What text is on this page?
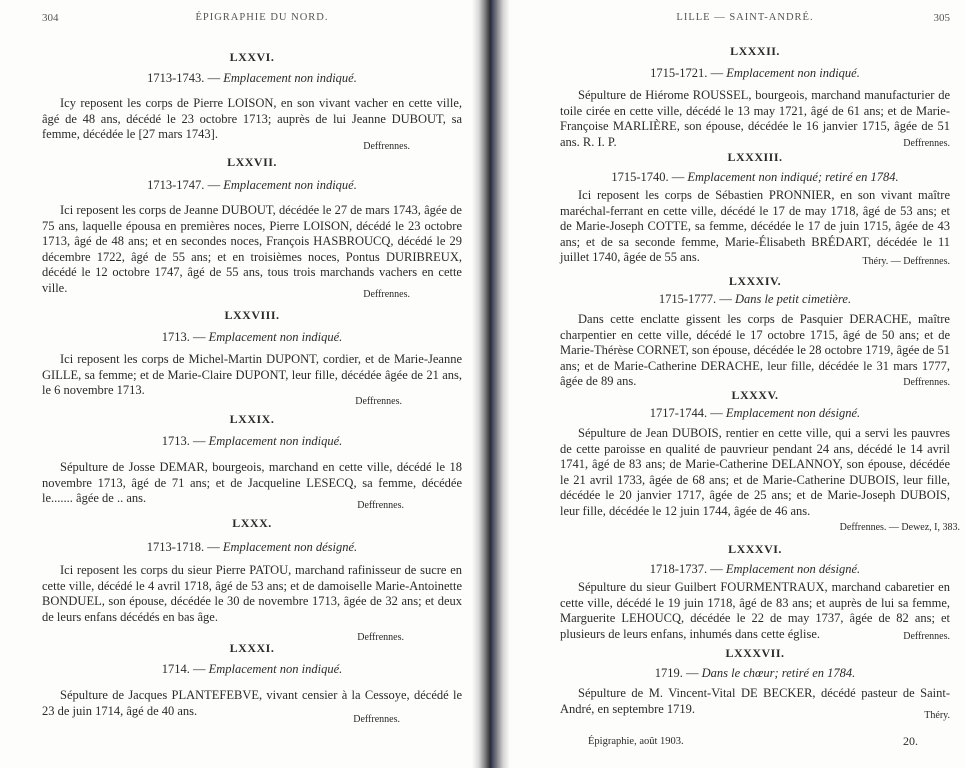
304	ÉPIGRAPHIE DU NORD.
LXXVI.
1713-1743. — Emplacement non indiqué.
Icy reposent les corps de Pierre LOISON, en son vivant vacher en cette ville, âgé de 48 ans, décédé le 23 octobre 1713; auprès de lui Jeanne DUBOUT, sa femme, décédée le [27 mars 1743].
Deffrennes.
LXXVII.
1713-1747. — Emplacement non indiqué.
Ici reposent les corps de Jeanne DUBOUT, décédée le 27 de mars 1743, âgée de 75 ans, laquelle épousa en premières noces, Pierre LOISON, décédé le 23 octobre 1713, âgé de 48 ans; et en secondes noces, François HASBROUCQ, décédé le 29 décembre 1722, âgé de 55 ans; et en troisièmes noces, Pontus DURIBREUX, décédé le 12 octobre 1747, âgé de 55 ans, tous trois marchands vachers en cette ville.	Deffrennes.
LXXVIII.
1713. — Emplacement non indiqué.
Ici reposent les corps de Michel-Martin DUPONT, cordier, et de Marie-Jeanne GILLE, sa femme; et de Marie-Claire DUPONT, leur fille, décédée âgée de 21 ans, le 6 novembre 1713.
Deffrennes.
LXXIX.
1713. — Emplacement non indiqué.
Sépulture de Josse DEMAR, bourgeois, marchand en cette ville, décédé le 18 novembre 1713, âgé de 71 ans; et de Jacqueline LESECQ, sa femme, décédée le....... âgée de .. ans.
Deffrennes.
LXXX.
1713-1718. — Emplacement non désigné.
Ici reposent les corps du sieur Pierre PATOU, marchand rafinisseur de sucre en cette ville, décédé le 4 avril 1718, âgé de 53 ans; et de damoiselle Marie-Antoinette BONDUEL, son épouse, décédée le 30 de novembre 1713, âgée de 32 ans; et deux de leurs enfans décédés en bas âge.
Deffrennes.
LXXXI.
1714. — Emplacement non indiqué.
Sépulture de Jacques PLANTEFEBVE, vivant censier à la Cessoye, décédé le 23 de juin 1714, âgé de 40 ans.
Deffrennes.
LILLE — SAINT-ANDRÉ.	305
LXXXII.
1715-1721. — Emplacement non indiqué.
Sépulture de Hiérome ROUSSEL, bourgeois, marchand manufacturier de toile cirée en cette ville, décédé le 13 may 1721, âgé de 61 ans; et de Marie-Françoise MARLIÈRE, son épouse, décédée le 16 janvier 1715, âgée de 51 ans. R. I. P.	Deffrennes.
LXXXIII.
1715-1740. — Emplacement non indiqué; retiré en 1784.
Ici reposent les corps de Sébastien PRONNIER, en son vivant maître maréchal-ferrant en cette ville, décédé le 17 de may 1718, âgé de 53 ans; et de Marie-Joseph COTTE, sa femme, décédée le 17 de juin 1715, âgée de 43 ans; et de sa seconde femme, Marie-Élisabeth BRÉDART, décédée le 11 juillet 1740, âgée de 55 ans.	Théry. — Deffrennes.
LXXXIV.
1715-1777. — Dans le petit cimetière.
Dans cette enclatte gissent les corps de Pasquier DERACHE, maître charpentier en cette ville, décédé le 17 octobre 1715, âgé de 50 ans; et de Marie-Thérèse CORNET, son épouse, décédée le 28 octobre 1719, âgée de 51 ans; et de Marie-Catherine DERACHE, leur fille, décédée le 31 mars 1777, âgée de 89 ans.	Deffrennes.
LXXXV.
1717-1744. — Emplacement non désigné.
Sépulture de Jean DUBOIS, rentier en cette ville, qui a servi les pauvres de cette paroisse en qualité de pauvrieur pendant 24 ans, décédé le 14 avril 1741, âgé de 83 ans; de Marie-Catherine DELANNOY, son épouse, décédée le 21 avril 1733, âgée de 68 ans; et de Marie-Catherine DUBOIS, leur fille, décédée le 20 janvier 1717, âgée de 25 ans; et de Marie-Joseph DUBOIS, leur fille, décédée le 12 juin 1744, âgée de 46 ans.
Deffrennes. — Dewez, I, 383.
LXXXVI.
1718-1737. — Emplacement non désigné.
Sépulture du sieur Guilbert FOURMENTRAUX, marchand cabaretier en cette ville, décédé le 19 juin 1718, âgé de 83 ans; et auprès de lui sa femme, Marguerite LEHOUCQ, décédée le 22 de may 1737, âgée de 82 ans; et plusieurs de leurs enfans, inhumés dans cette église.	Deffrennes.
LXXXVII.
1719. — Dans le chœur; retiré en 1784.
Sépulture de M. Vincent-Vital DE BECKER, décédé pasteur de Saint-André, en septembre 1719.	Théry.
Épigraphie, août 1903.	20.
